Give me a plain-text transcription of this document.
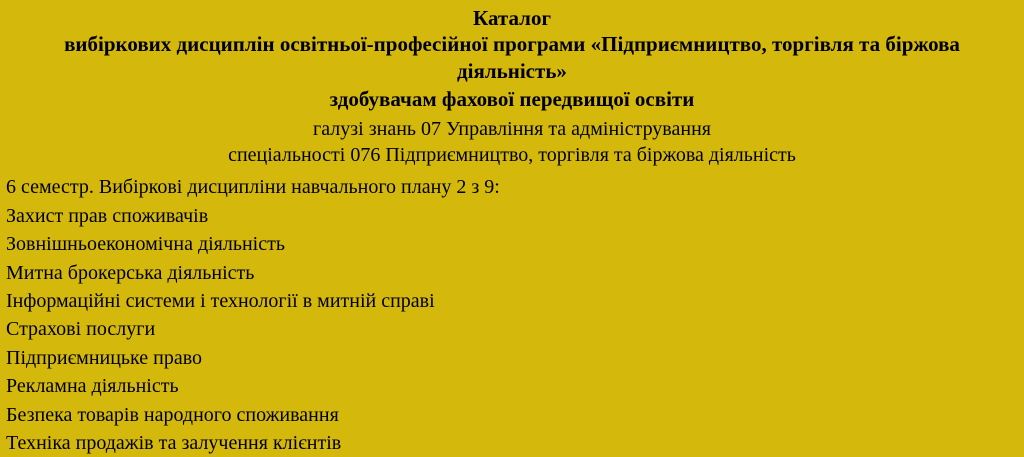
Каталог
вибіркових дисциплін освітньої-професійної програми «Підприємництво, торгівля та біржова діяльність»
здобувачам фахової передвищої освіти
галузі знань 07 Управління та адміністрування
спеціальності 076 Підприємництво, торгівля та біржова діяльність
6 семестр. Вибіркові дисципліни навчального плану 2 з 9:
Захист прав споживачів
Зовнішньоекономічна діяльність
Митна брокерська діяльність
Інформаційні системи і технології в митній справі
Страхові послуги
Підприємницьке право
Рекламна діяльність
Безпека товарів народного споживання
Техніка продажів та залучення клієнтів
